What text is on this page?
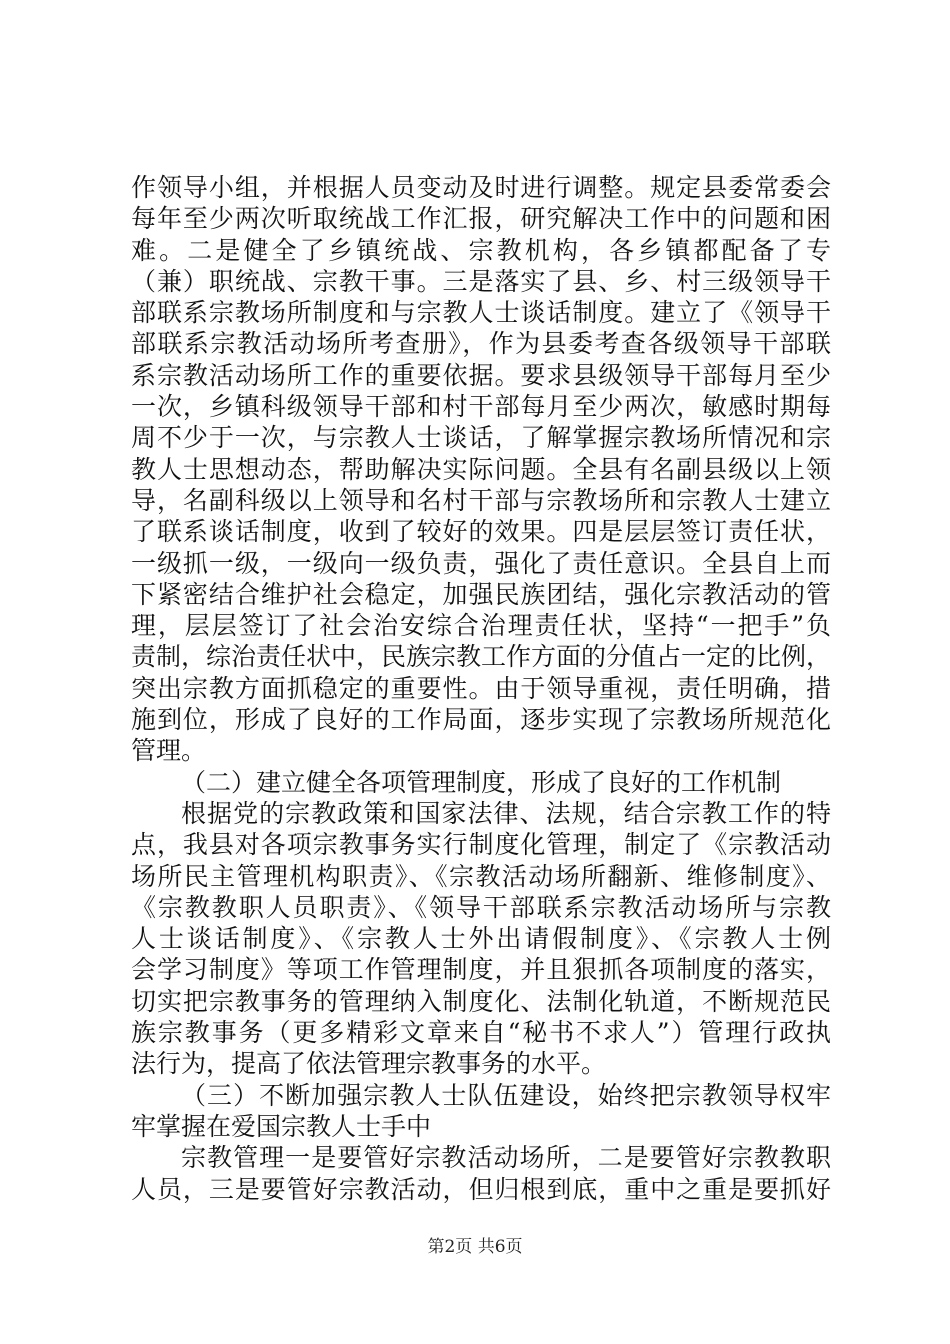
作领导小组，并根据人员变动及时进行调整。规定县委常委会
每年至少两次听取统战工作汇报，研究解决工作中的问题和困
难。二是健全了乡镇统战、宗教机构，各乡镇都配备了专
（兼）职统战、宗教干事。三是落实了县、乡、村三级领导干
部联系宗教场所制度和与宗教人士谈话制度。建立了《领导干
部联系宗教活动场所考查册》，作为县委考查各级领导干部联
系宗教活动场所工作的重要依据。要求县级领导干部每月至少
一次，乡镇科级领导干部和村干部每月至少两次，敏感时期每
周不少于一次，与宗教人士谈话，了解掌握宗教场所情况和宗
教人士思想动态，帮助解决实际问题。全县有名副县级以上领
导，名副科级以上领导和名村干部与宗教场所和宗教人士建立
了联系谈话制度，收到了较好的效果。四是层层签订责任状，
一级抓一级，一级向一级负责，强化了责任意识。全县自上而
下紧密结合维护社会稳定，加强民族团结，强化宗教活动的管
理，层层签订了社会治安综合治理责任状，坚持“一把手”负
责制，综治责任状中，民族宗教工作方面的分值占一定的比例，
突出宗教方面抓稳定的重要性。由于领导重视，责任明确，措
施到位，形成了良好的工作局面，逐步实现了宗教场所规范化
管理。
（二）建立健全各项管理制度，形成了良好的工作机制
根据党的宗教政策和国家法律、法规，结合宗教工作的特
点，我县对各项宗教事务实行制度化管理，制定了《宗教活动
场所民主管理机构职责》、《宗教活动场所翻新、维修制度》、
《宗教教职人员职责》、《领导干部联系宗教活动场所与宗教
人士谈话制度》、《宗教人士外出请假制度》、《宗教人士例
会学习制度》等项工作管理制度，并且狠抓各项制度的落实，
切实把宗教事务的管理纳入制度化、法制化轨道，不断规范民
族宗教事务（更多精彩文章来自“秘书不求人”）管理行政执
法行为，提高了依法管理宗教事务的水平。
（三）不断加强宗教人士队伍建设，始终把宗教领导权牢
牢掌握在爱国宗教人士手中
宗教管理一是要管好宗教活动场所，二是要管好宗教教职
人员，三是要管好宗教活动，但归根到底，重中之重是要抓好
第2页 共6页
